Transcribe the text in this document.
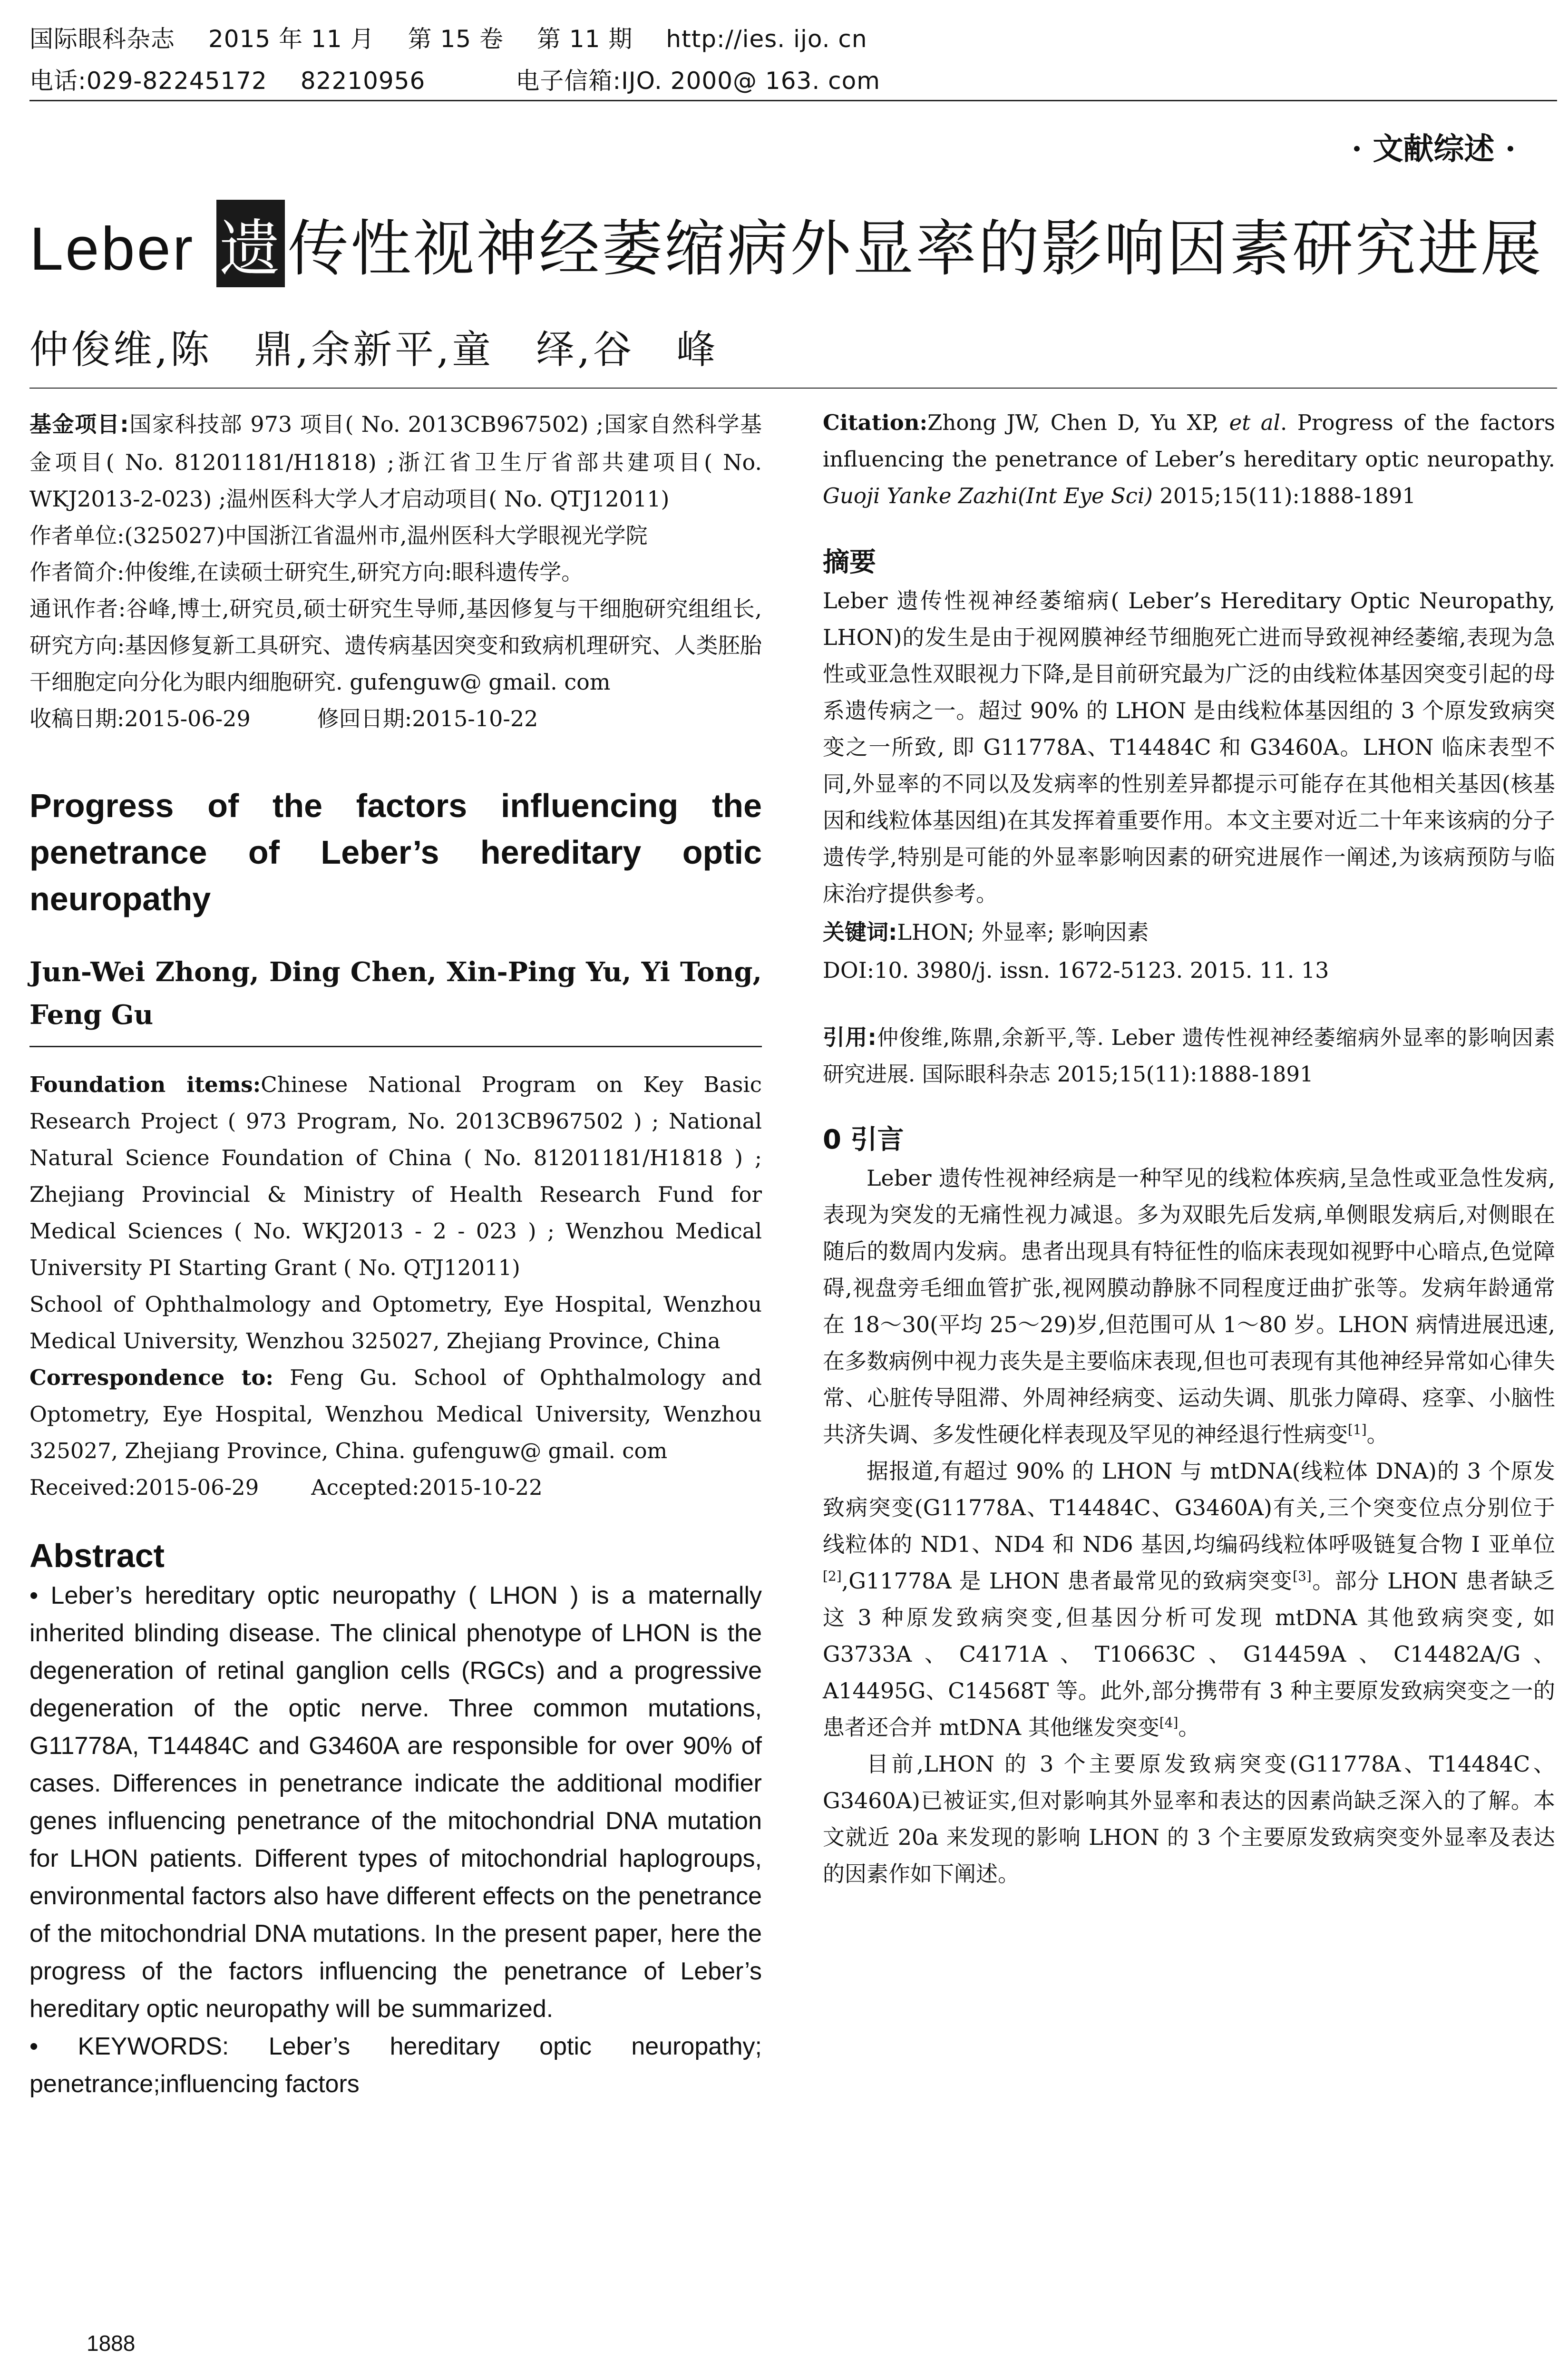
国际眼科杂志 2015 年 11 月 第 15 卷 第 11 期 http://ies. ijo. cn
电话:029-82245172 82210956	电子信箱:IJO. 2000@ 163. com
· 文献综述 ·
Leber 遗传性视神经萎缩病外显率的影响因素研究进展
仲俊维,陈　鼎,余新平,童　绎,谷　峰

基金项目:国家科技部 973 项目( No. 2013CB967502) ;国家自然科学基金项目( No. 81201181/H1818) ;浙江省卫生厅省部共建项目( No. WKJ2013-2-023) ;温州医科大学人才启动项目( No. QTJ12011)

作者单位:(325027)中国浙江省温州市,温州医科大学眼视光学院

作者简介:仲俊维,在读硕士研究生,研究方向:眼科遗传学。

通讯作者:谷峰,博士,研究员,硕士研究生导师,基因修复与干细胞研究组组长,研究方向:基因修复新工具研究、遗传病基因突变和致病机理研究、人类胚胎干细胞定向分化为眼内细胞研究. gufenguw@ gmail. com

收稿日期:2015-06-29	修回日期:2015-10-22

Progress of the factors influencing the penetrance of Leber’s hereditary optic neuropathy
Jun-Wei Zhong, Ding Chen, Xin-Ping Yu, Yi Tong, Feng Gu

Foundation items:Chinese National Program on Key Basic Research Project ( 973 Program, No. 2013CB967502 ) ; National Natural Science Foundation of China ( No. 81201181/H1818 ) ; Zhejiang Provincial & Ministry of Health Research Fund for Medical Sciences ( No. WKJ2013 - 2 - 023 ) ; Wenzhou Medical University PI Starting Grant ( No. QTJ12011)

School of Ophthalmology and Optometry, Eye Hospital, Wenzhou Medical University, Wenzhou 325027, Zhejiang Province, China

Correspondence to: Feng Gu. School of Ophthalmology and Optometry, Eye Hospital, Wenzhou Medical University, Wenzhou 325027, Zhejiang Province, China. gufenguw@ gmail. com

Received:2015-06-29 Accepted:2015-10-22

Abstract
• Leber’s hereditary optic neuropathy ( LHON ) is a maternally inherited blinding disease. The clinical phenotype of LHON is the degeneration of retinal ganglion cells (RGCs) and a progressive degeneration of the optic nerve. Three common mutations, G11778A, T14484C and G3460A are responsible for over 90% of cases. Differences in penetrance indicate the additional modifier genes influencing penetrance of the mitochondrial DNA mutation for LHON patients. Different types of mitochondrial haplogroups, environmental factors also have different effects on the penetrance of the mitochondrial DNA mutations. In the present paper, here the progress of the factors influencing the penetrance of Leber’s hereditary optic neuropathy will be summarized.
• KEYWORDS: Leber’s hereditary optic neuropathy; penetrance;influencing factors

Citation:Zhong JW, Chen D, Yu XP, et al. Progress of the factors influencing the penetrance of Leber’s hereditary optic neuropathy. Guoji Yanke Zazhi(Int Eye Sci) 2015;15(11):1888-1891

摘要

Leber 遗传性视神经萎缩病( Leber’s Hereditary Optic Neuropathy, LHON)的发生是由于视网膜神经节细胞死亡进而导致视神经萎缩,表现为急性或亚急性双眼视力下降,是目前研究最为广泛的由线粒体基因突变引起的母系遗传病之一。超过 90% 的 LHON 是由线粒体基因组的 3 个原发致病突变之一所致, 即 G11778A、T14484C 和 G3460A。LHON 临床表型不同,外显率的不同以及发病率的性别差异都提示可能存在其他相关基因(核基因和线粒体基因组)在其发挥着重要作用。本文主要对近二十年来该病的分子遗传学,特别是可能的外显率影响因素的研究进展作一阐述,为该病预防与临床治疗提供参考。

关键词:LHON; 外显率; 影响因素

DOI:10. 3980/j. issn. 1672-5123. 2015. 11. 13

引用:仲俊维,陈鼎,余新平,等. Leber 遗传性视神经萎缩病外显率的影响因素研究进展. 国际眼科杂志 2015;15(11):1888-1891

0 引言

Leber 遗传性视神经病是一种罕见的线粒体疾病,呈急性或亚急性发病,表现为突发的无痛性视力减退。多为双眼先后发病,单侧眼发病后,对侧眼在随后的数周内发病。患者出现具有特征性的临床表现如视野中心暗点,色觉障碍,视盘旁毛细血管扩张,视网膜动静脉不同程度迂曲扩张等。发病年龄通常在 18～30(平均 25～29)岁,但范围可从 1～80 岁。LHON 病情进展迅速,在多数病例中视力丧失是主要临床表现,但也可表现有其他神经异常如心律失常、心脏传导阻滞、外周神经病变、运动失调、肌张力障碍、痉挛、小脑性共济失调、多发性硬化样表现及罕见的神经退行性病变[1]。

据报道,有超过 90% 的 LHON 与 mtDNA(线粒体 DNA)的 3 个原发致病突变(G11778A、T14484C、G3460A)有关,三个突变位点分别位于线粒体的 ND1、ND4 和 ND6 基因,均编码线粒体呼吸链复合物 Ⅰ 亚单位[2],G11778A 是 LHON 患者最常见的致病突变[3]。部分 LHON 患者缺乏这 3 种原发致病突变,但基因分析可发现 mtDNA 其他致病突变, 如 G3733A、C4171A、T10663C、G14459A、C14482A/G、A14495G、C14568T 等。此外,部分携带有 3 种主要原发致病突变之一的患者还合并 mtDNA 其他继发突变[4]。

目前,LHON 的 3 个主要原发致病突变(G11778A、T14484C、G3460A)已被证实,但对影响其外显率和表达的因素尚缺乏深入的了解。本文就近 20a 来发现的影响 LHON 的 3 个主要原发致病突变外显率及表达的因素作如下阐述。

1888
